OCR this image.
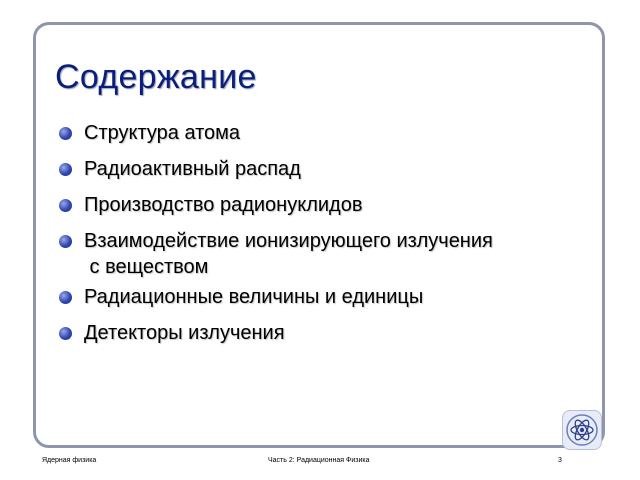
Содержание
Структура атома
Радиоактивный распад
Производство радионуклидов
Взаимодействие ионизирующего излучения
с веществом
Радиационные величины и единицы
Детекторы излучения
Ядерная физика	Часть 2: Радиационная Физика	3
